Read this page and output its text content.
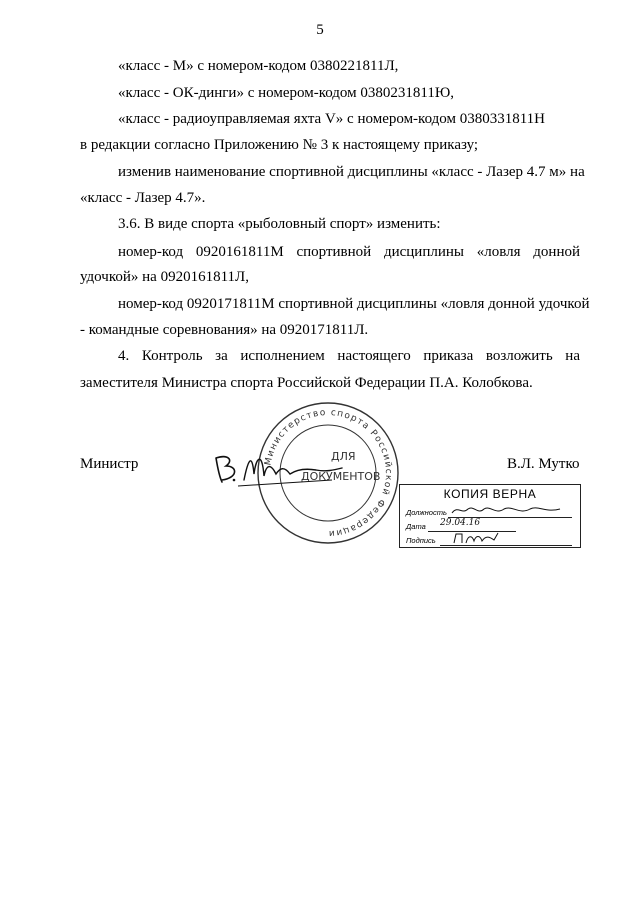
5
«класс - М» с номером-кодом 0380221811Л,
«класс - ОК-динги» с номером-кодом 0380231811Ю,
«класс - радиоуправляемая яхта V» с номером-кодом 0380331811Н
в редакции согласно Приложению № 3 к настоящему приказу;
изменив наименование спортивной дисциплины «класс - Лазер 4.7 м» на
«класс - Лазер 4.7».
3.6. В виде спорта «рыболовный спорт» изменить:
номер-код 0920161811М спортивной дисциплины «ловля донной
удочкой» на 0920161811Л,
номер-код 0920171811М спортивной дисциплины «ловля донной удочкой
- командные соревнования» на 0920171811Л.
4. Контроль за исполнением настоящего приказа возложить на
заместителя Министра спорта Российской Федерации П.А. Колобкова.
Министр	В.Л. Мутко
Министерство спорта Российской Федерации
ДЛЯ
ДОКУМЕНТОВ
КОПИЯ ВЕРНА
Должность
Дата 29.04.16
Подпись
